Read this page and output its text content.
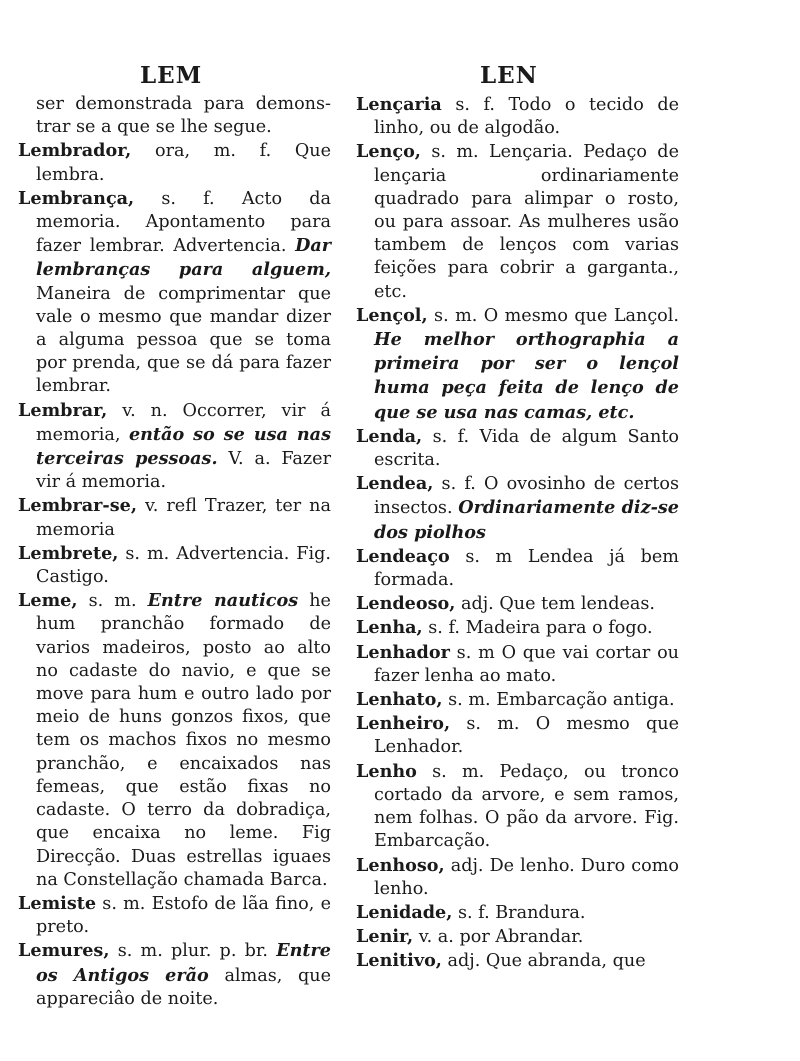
LEM	LEN

ser demonstrada para demons- trar se a que se lhe segue.

Lembrador, ora, m. f. Que lembra.

Lembrança, s. f. Acto da memoria. Apontamento para fazer lembrar. Advertencia. Dar lembranças para alguem, Maneira de comprimentar que vale o mesmo que mandar dizer a alguma pessoa que se toma por prenda, que se dá para fazer lembrar.

Lembrar, v. n. Occorrer, vir á memoria, então so se usa nas terceiras pessoas. V. a. Fazer vir á memoria.

Lembrar-se, v. refl Trazer, ter na memoria

Lembrete, s. m. Advertencia. Fig. Castigo.

Leme, s. m. Entre nauticos he hum pranchão formado de varios madeiros, posto ao alto no cadaste do navio, e que se move para hum e outro lado por meio de huns gonzos fixos, que tem os machos fixos no mesmo pranchão, e encaixados nas femeas, que estão fixas no cadaste. O terro da dobradiça, que encaixa no leme. Fig Direcção. Duas estrellas iguaes na Constellação chamada Barca.

Lemiste s. m. Estofo de lãa fino, e preto.

Lemures, s. m. plur. p. br. Entre os Antigos erão almas, que appareciâo de noite.

Lençaria s. f. Todo o tecido de linho, ou de algodão.

Lenço, s. m. Lençaria. Pedaço de lençaria ordinariamente quadrado para alimpar o rosto, ou para assoar. As mulheres usão tambem de lenços com varias feições para cobrir a garganta., etc.

Lençol, s. m. O mesmo que Lançol. He melhor orthographia a primeira por ser o lençol huma peça feita de lenço de que se usa nas camas, etc.

Lenda, s. f. Vida de algum Santo escrita.

Lendea, s. f. O ovosinho de certos insectos. Ordinariamente diz-se dos piolhos

Lendeaço s. m Lendea já bem formada.

Lendeoso, adj. Que tem lendeas.

Lenha, s. f. Madeira para o fogo.

Lenhador s. m O que vai cortar ou fazer lenha ao mato.

Lenhato, s. m. Embarcação antiga.

Lenheiro, s. m. O mesmo que Lenhador.

Lenho s. m. Pedaço, ou tronco cortado da arvore, e sem ramos, nem folhas. O pão da arvore. Fig. Embarcação.

Lenhoso, adj. De lenho. Duro como lenho.

Lenidade, s. f. Brandura.

Lenir, v. a. por Abrandar.

Lenitivo, adj. Que abranda, que
